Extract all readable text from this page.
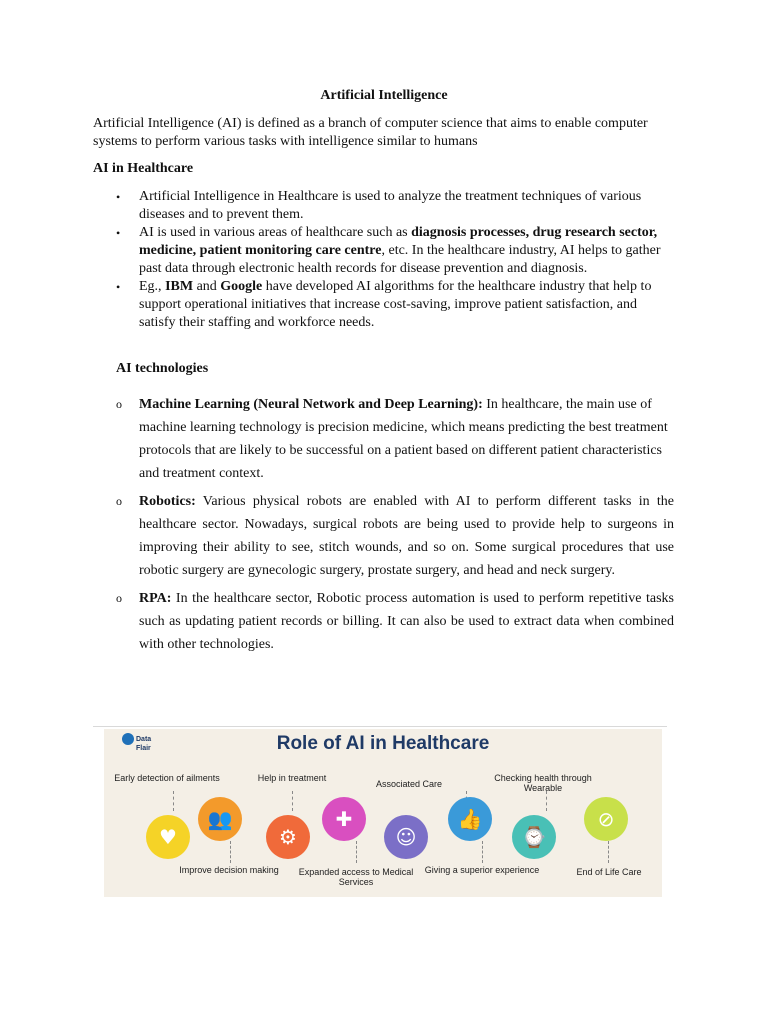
Artificial Intelligence
Artificial Intelligence (AI) is defined as a branch of computer science that aims to enable computer systems to perform various tasks with intelligence similar to humans
AI in Healthcare
• Artificial Intelligence in Healthcare is used to analyze the treatment techniques of various diseases and to prevent them.
• AI is used in various areas of healthcare such as diagnosis processes, drug research sector, medicine, patient monitoring care centre, etc. In the healthcare industry, AI helps to gather past data through electronic health records for disease prevention and diagnosis.
• Eg., IBM and Google have developed AI algorithms for the healthcare industry that help to support operational initiatives that increase cost-saving, improve patient satisfaction, and satisfy their staffing and workforce needs.
AI technologies
o Machine Learning (Neural Network and Deep Learning): In healthcare, the main use of machine learning technology is precision medicine, which means predicting the best treatment protocols that are likely to be successful on a patient based on different patient characteristics and treatment context.
o Robotics: Various physical robots are enabled with AI to perform different tasks in the healthcare sector. Nowadays, surgical robots are being used to provide help to surgeons in improving their ability to see, stitch wounds, and so on. Some surgical procedures that use robotic surgery are gynecologic surgery, prostate surgery, and head and neck surgery.
o RPA: In the healthcare sector, Robotic process automation is used to perform repetitive tasks such as updating patient records or billing. It can also be used to extract data when combined with other technologies.
Data
Flair	Role of AI in Healthcare
♥
👥
⚙
✚
☺
👍
⌚
⊘
Early detection of ailments	Help in treatment
Associated Care
Checking health through Wearable
Improve decision making	Expanded access to Medical Services
Giving a superior experience	End of Life Care
